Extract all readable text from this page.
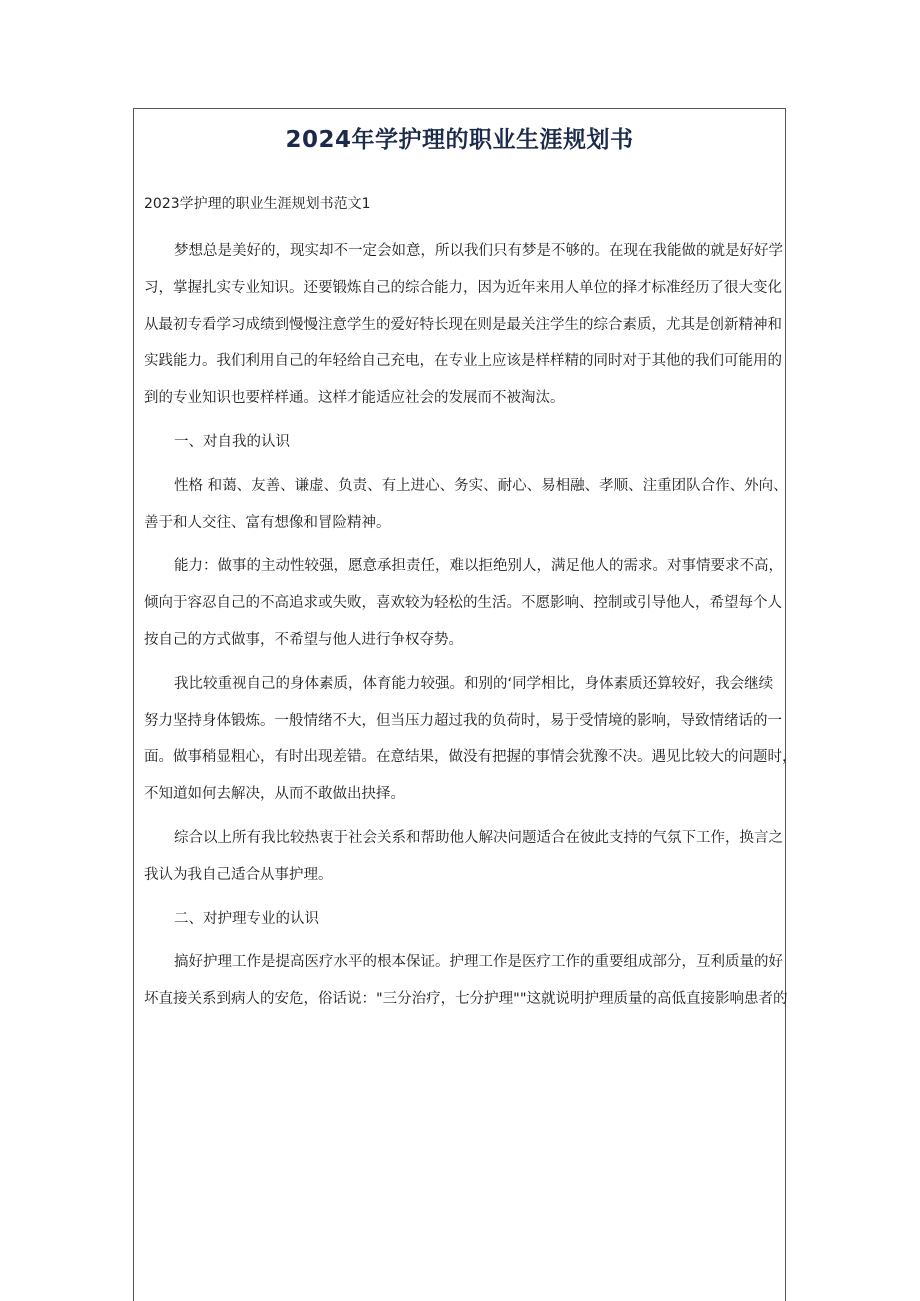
2024年学护理的职业生涯规划书
2023学护理的职业生涯规划书范文1
梦想总是美好的，现实却不一定会如意，所以我们只有梦是不够的。在现在我能做的就是好好学
习，掌握扎实专业知识。还要锻炼自己的综合能力，因为近年来用人单位的择才标准经历了很大变化
从最初专看学习成绩到慢慢注意学生的爱好特长现在则是最关注学生的综合素质，尤其是创新精神和
实践能力。我们利用自己的年轻给自己充电，在专业上应该是样样精的同时对于其他的我们可能用的
到的专业知识也要样样通。这样才能适应社会的发展而不被淘汰。
一、对自我的认识
性格 和蔼、友善、谦虚、负责、有上进心、务实、耐心、易相融、孝顺、注重团队合作、外向、
善于和人交往、富有想像和冒险精神。
能力：做事的主动性较强，愿意承担责任，难以拒绝别人，满足他人的需求。对事情要求不高，
倾向于容忍自己的不高追求或失败，喜欢较为轻松的生活。不愿影响、控制或引导他人，希望每个人
按自己的方式做事，不希望与他人进行争权夺势。
我比较重视自己的身体素质，体育能力较强。和别的‘同学相比，身体素质还算较好，我会继续
努力坚持身体锻炼。一般情绪不大，但当压力超过我的负荷时，易于受情境的影响，导致情绪话的一
面。做事稍显粗心，有时出现差错。在意结果，做没有把握的事情会犹豫不决。遇见比较大的问题时，
不知道如何去解决，从而不敢做出抉择。
综合以上所有我比较热衷于社会关系和帮助他人解决问题适合在彼此支持的气氛下工作，换言之
我认为我自己适合从事护理。
二、对护理专业的认识
搞好护理工作是提高医疗水平的根本保证。护理工作是医疗工作的重要组成部分，互利质量的好
坏直接关系到病人的安危，俗话说："三分治疗，七分护理""这就说明护理质量的高低直接影响患者的
